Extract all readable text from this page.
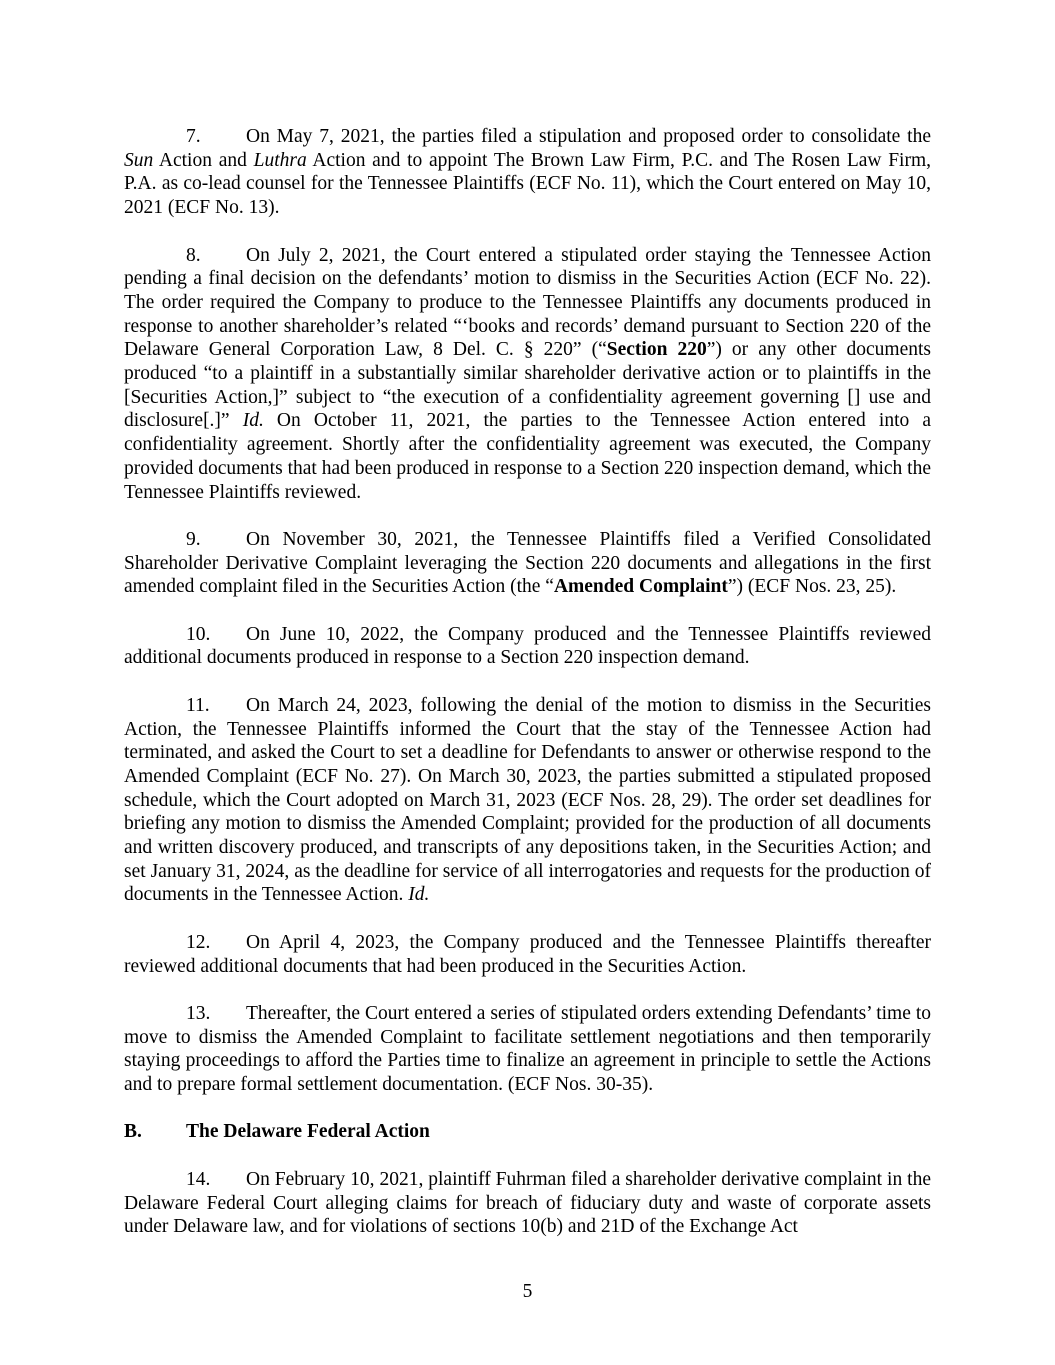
7. On May 7, 2021, the parties filed a stipulation and proposed order to consolidate the Sun Action and Luthra Action and to appoint The Brown Law Firm, P.C. and The Rosen Law Firm, P.A. as co-lead counsel for the Tennessee Plaintiffs (ECF No. 11), which the Court entered on May 10, 2021 (ECF No. 13).

8. On July 2, 2021, the Court entered a stipulated order staying the Tennessee Action pending a final decision on the defendants’ motion to dismiss in the Securities Action (ECF No. 22). The order required the Company to produce to the Tennessee Plaintiffs any documents produced in response to another shareholder’s related “‘books and records’ demand pursuant to Section 220 of the Delaware General Corporation Law, 8 Del. C. § 220” (“Section 220”) or any other documents produced “to a plaintiff in a substantially similar shareholder derivative action or to plaintiffs in the [Securities Action,]” subject to “the execution of a confidentiality agreement governing [] use and disclosure[.]” Id. On October 11, 2021, the parties to the Tennessee Action entered into a confidentiality agreement. Shortly after the confidentiality agreement was executed, the Company provided documents that had been produced in response to a Section 220 inspection demand, which the Tennessee Plaintiffs reviewed.

9. On November 30, 2021, the Tennessee Plaintiffs filed a Verified Consolidated Shareholder Derivative Complaint leveraging the Section 220 documents and allegations in the first amended complaint filed in the Securities Action (the “Amended Complaint”) (ECF Nos. 23, 25).

10. On June 10, 2022, the Company produced and the Tennessee Plaintiffs reviewed additional documents produced in response to a Section 220 inspection demand.

11. On March 24, 2023, following the denial of the motion to dismiss in the Securities Action, the Tennessee Plaintiffs informed the Court that the stay of the Tennessee Action had terminated, and asked the Court to set a deadline for Defendants to answer or otherwise respond to the Amended Complaint (ECF No. 27). On March 30, 2023, the parties submitted a stipulated proposed schedule, which the Court adopted on March 31, 2023 (ECF Nos. 28, 29). The order set deadlines for briefing any motion to dismiss the Amended Complaint; provided for the production of all documents and written discovery produced, and transcripts of any depositions taken, in the Securities Action; and set January 31, 2024, as the deadline for service of all interrogatories and requests for the production of documents in the Tennessee Action. Id.

12. On April 4, 2023, the Company produced and the Tennessee Plaintiffs thereafter reviewed additional documents that had been produced in the Securities Action.

13. Thereafter, the Court entered a series of stipulated orders extending Defendants’ time to move to dismiss the Amended Complaint to facilitate settlement negotiations and then temporarily staying proceedings to afford the Parties time to finalize an agreement in principle to settle the Actions and to prepare formal settlement documentation. (ECF Nos. 30-35).

B. The Delaware Federal Action

14. On February 10, 2021, plaintiff Fuhrman filed a shareholder derivative complaint in the Delaware Federal Court alleging claims for breach of fiduciary duty and waste of corporate assets under Delaware law, and for violations of sections 10(b) and 21D of the Exchange Act

5
